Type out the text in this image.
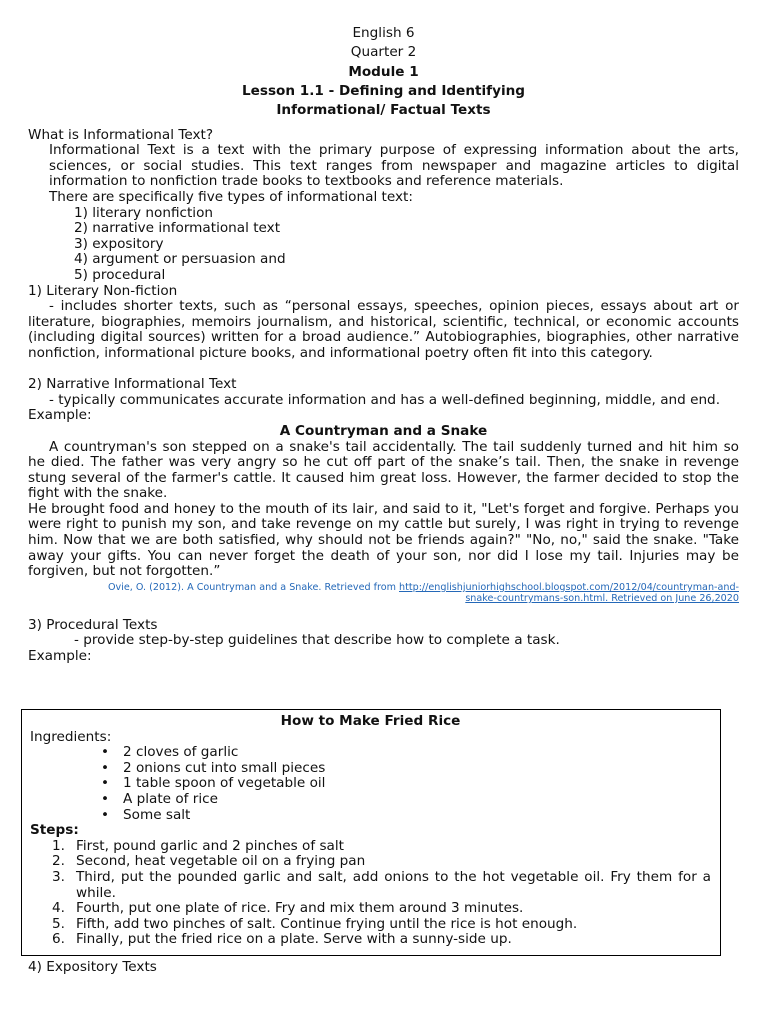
English 6
Quarter 2
Module 1
Lesson 1.1 - Defining and Identifying
Informational/ Factual Texts
What is Informational Text?
Informational Text is a text with the primary purpose of expressing information about the arts, sciences, or social studies. This text ranges from newspaper and magazine articles to digital information to nonfiction trade books to textbooks and reference materials.
There are specifically five types of informational text:
1) literary nonfiction
2) narrative informational text
3) expository
4) argument or persuasion and
5) procedural
1) Literary Non-fiction
- includes shorter texts, such as “personal essays, speeches, opinion pieces, essays about art or literature, biographies, memoirs journalism, and historical, scientific, technical, or economic accounts (including digital sources) written for a broad audience.” Autobiographies, biographies, other narrative nonfiction, informational picture books, and informational poetry often fit into this category.
2) Narrative Informational Text
- typically communicates accurate information and has a well-defined beginning, middle, and end.
Example:
A Countryman and a Snake
A countryman's son stepped on a snake's tail accidentally. The tail suddenly turned and hit him so he died. The father was very angry so he cut off part of the snake’s tail. Then, the snake in revenge stung several of the farmer's cattle. It caused him great loss. However, the farmer decided to stop the fight with the snake.
He brought food and honey to the mouth of its lair, and said to it, "Let's forget and forgive. Perhaps you were right to punish my son, and take revenge on my cattle but surely, I was right in trying to revenge him. Now that we are both satisfied, why should not be friends again?" "No, no," said the snake. "Take away your gifts. You can never forget the death of your son, nor did I lose my tail. Injuries may be forgiven, but not forgotten.”
Ovie, O. (2012). A Countryman and a Snake. Retrieved from http://englishjuniorhighschool.blogspot.com/2012/04/countryman-and-
snake-countrymans-son.html. Retrieved on June 26,2020
3) Procedural Texts
- provide step-by-step guidelines that describe how to complete a task.
Example:
How to Make Fried Rice
Ingredients:
• 2 cloves of garlic
• 2 onions cut into small pieces
• 1 table spoon of vegetable oil
• A plate of rice
• Some salt
Steps:
1. First, pound garlic and 2 pinches of salt
2. Second, heat vegetable oil on a frying pan
3. Third, put the pounded garlic and salt, add onions to the hot vegetable oil. Fry them for a while.
4. Fourth, put one plate of rice. Fry and mix them around 3 minutes.
5. Fifth, add two pinches of salt. Continue frying until the rice is hot enough.
6. Finally, put the fried rice on a plate. Serve with a sunny-side up.
4) Expository Texts
